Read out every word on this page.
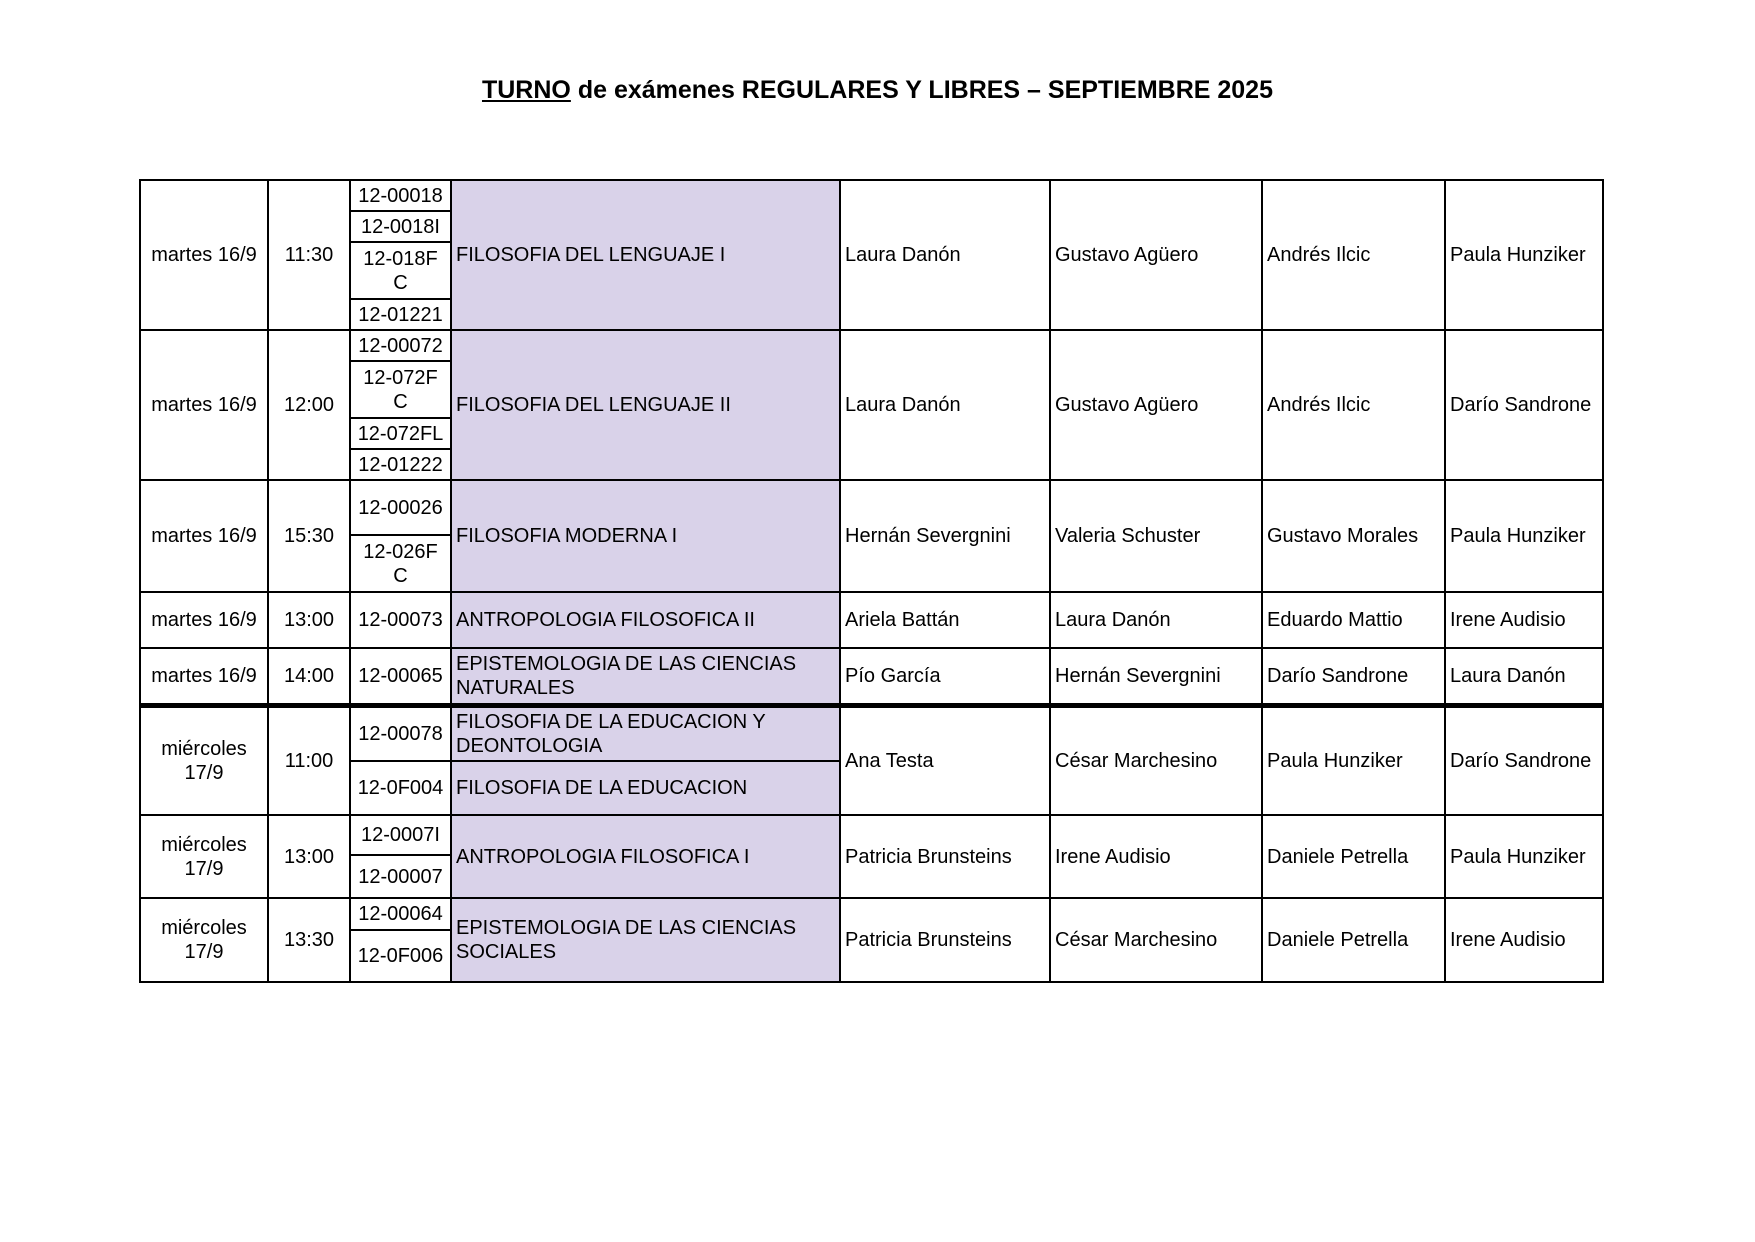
TURNO de exámenes REGULARES Y LIBRES – SEPTIEMBRE 2025
martes 16/9	11:30	12-00018	FILOSOFIA DEL LENGUAJE I	Laura Danón	Gustavo Agüero	Andrés Ilcic	Paula Hunziker
		12-0018I					
		12-018F C					
		12-01221					
martes 16/9	12:00	12-00072	FILOSOFIA DEL LENGUAJE II	Laura Danón	Gustavo Agüero	Andrés Ilcic	Darío Sandrone
		12-072F C					
		12-072FL					
		12-01222					
martes 16/9	15:30	12-00026	FILOSOFIA MODERNA I	Hernán Severgnini	Valeria Schuster	Gustavo Morales	Paula Hunziker
		12-026F C					
martes 16/9	13:00	12-00073	ANTROPOLOGIA FILOSOFICA II	Ariela Battán	Laura Danón	Eduardo Mattio	Irene Audisio
martes 16/9	14:00	12-00065	EPISTEMOLOGIA DE LAS CIENCIAS NATURALES	Pío García	Hernán Severgnini	Darío Sandrone	Laura Danón
miércoles 17/9	11:00	12-00078	FILOSOFIA DE LA EDUCACION Y DEONTOLOGIA	Ana Testa	César Marchesino	Paula Hunziker	Darío Sandrone
		12-0F004	FILOSOFIA DE LA EDUCACION				
miércoles 17/9	13:00	12-0007I	ANTROPOLOGIA FILOSOFICA I	Patricia Brunsteins	Irene Audisio	Daniele Petrella	Paula Hunziker
		12-00007					
miércoles 17/9	13:30	12-00064	EPISTEMOLOGIA DE LAS CIENCIAS SOCIALES	Patricia Brunsteins	César Marchesino	Daniele Petrella	Irene Audisio
		12-0F006					
